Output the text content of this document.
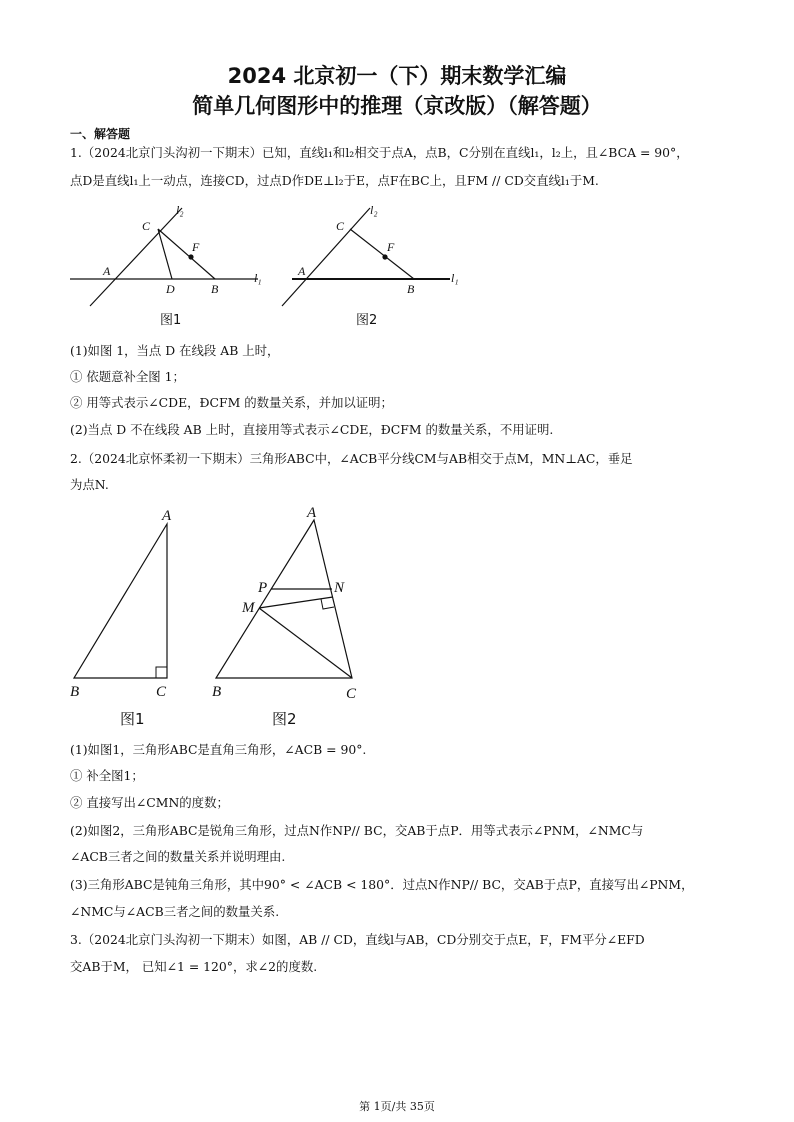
2024 北京初一（下）期末数学汇编
简单几何图形中的推理（京改版）（解答题）
一、解答题
1.（2024北京门头沟初一下期末）已知，直线l₁和l₂相交于点A，点B，C分别在直线l₁，l₂上，且∠BCA = 90°，
点D是直线l₁上一动点，连接CD，过点D作DE⊥l₂于E，点F在BC上，且FM // CD交直线l₁于M.
l₂
C
F
A
D	B
l₁
图1
l₂
C
F
A
B
l₁
图2
(1)如图 1，当点 D 在线段 AB 上时，
① 依题意补全图 1；
② 用等式表示∠CDE，ÐCFM 的数量关系，并加以证明；
(2)当点 D 不在线段 AB 上时，直接用等式表示∠CDE，ÐCFM 的数量关系，不用证明.
2.（2024北京怀柔初一下期末）三角形ABC中，∠ACB平分线CM与AB相交于点M，MN⊥AC，垂足
为点N.
A
B	C
图1
A
P	N
M
B	C
图2
(1)如图1，三角形ABC是直角三角形，∠ACB = 90°.
① 补全图1；
② 直接写出∠CMN的度数；
(2)如图2，三角形ABC是锐角三角形，过点N作NP// BC，交AB于点P．用等式表示∠PNM，∠NMC与
∠ACB三者之间的数量关系并说明理由.
(3)三角形ABC是钝角三角形，其中90° < ∠ACB < 180°．过点N作NP// BC，交AB于点P，直接写出∠PNM，
∠NMC与∠ACB三者之间的数量关系.
3.（2024北京门头沟初一下期末）如图，AB // CD，直线l与AB，CD分别交于点E，F，FM平分∠EFD
交AB于M， 已知∠1 = 120°，求∠2的度数.
第 1页/共 35页
